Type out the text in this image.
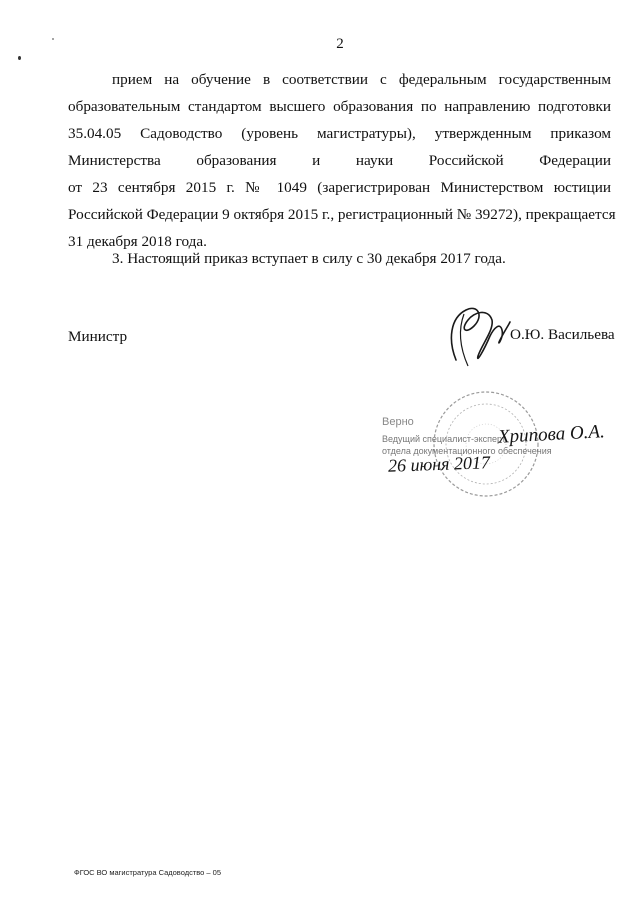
2
прием на обучение в соответствии с федеральным государственным
образовательным стандартом высшего образования по направлению подготовки
35.04.05 Садоводство (уровень магистратуры), утвержденным приказом
Министерства образования и науки Российской Федерации
от 23 сентября 2015 г. № 1049 (зарегистрирован Министерством юстиции
Российской Федерации 9 октября 2015 г., регистрационный № 39272), прекращается
31 декабря 2018 года.
3. Настоящий приказ вступает в силу с 30 декабря 2017 года.
Министр	О.Ю. Васильева
Верно
Ведущий специалист-эксперт
отдела документационного обеспечения
Хрипова О.А.
26 июня 2017
ФГОС ВО магистратура Садоводство – 05
